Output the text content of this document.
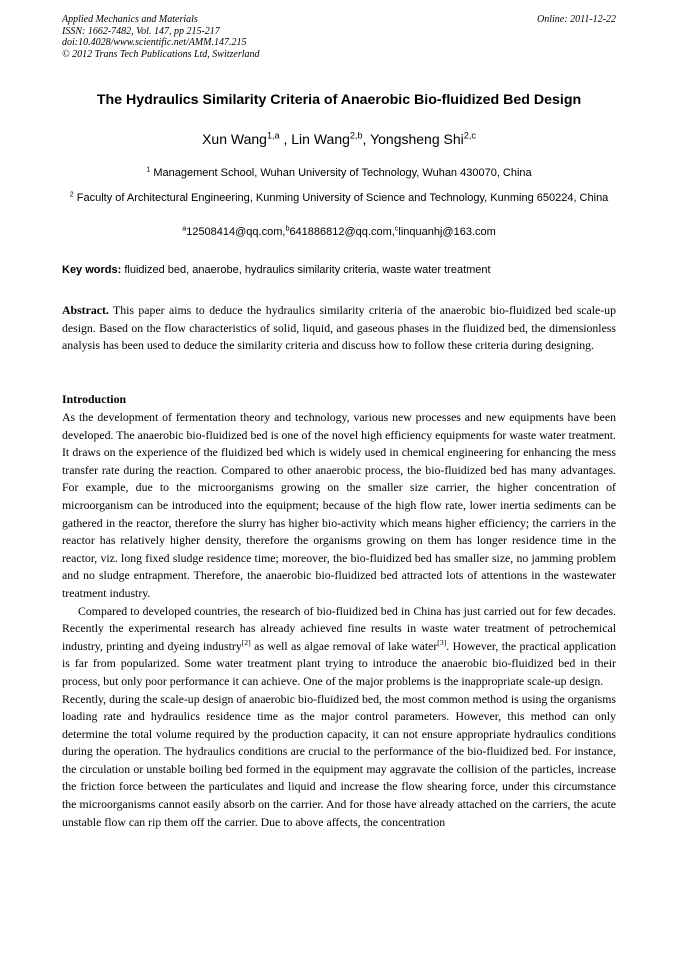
Applied Mechanics and Materials
ISSN: 1662-7482, Vol. 147, pp 215-217
doi:10.4028/www.scientific.net/AMM.147.215
© 2012 Trans Tech Publications Ltd, Switzerland
Online: 2011-12-22
The Hydraulics Similarity Criteria of Anaerobic Bio-fluidized Bed Design
Xun Wang$^{1,a}$ , Lin Wang$^{2,b}$, Yongsheng Shi$^{2,c}$
$^1$ Management School, Wuhan University of Technology, Wuhan 430070, China
$^2$ Faculty of Architectural Engineering, Kunming University of Science and Technology, Kunming 650224, China
$^a$12508414@qq.com,$^b$641886812@qq.com,$^c$linquanhj@163.com
Key words: fluidized bed, anaerobe, hydraulics similarity criteria, waste water treatment
Abstract. This paper aims to deduce the hydraulics similarity criteria of the anaerobic bio-fluidized bed scale-up design. Based on the flow characteristics of solid, liquid, and gaseous phases in the fluidized bed, the dimensionless analysis has been used to deduce the similarity criteria and discuss how to follow these criteria during designing.
Introduction

As the development of fermentation theory and technology, various new processes and new equipments have been developed. The anaerobic bio-fluidized bed is one of the novel high efficiency equipments for waste water treatment. It draws on the experience of the fluidized bed which is widely used in chemical engineering for enhancing the mess transfer rate during the reaction. Compared to other anaerobic process, the bio-fluidized bed has many advantages. For example, due to the microorganisms growing on the smaller size carrier, the higher concentration of microorganism can be introduced into the equipment; because of the high flow rate, lower inertia sediments can be gathered in the reactor, therefore the slurry has higher bio-activity which means higher efficiency; the carriers in the reactor has relatively higher density, therefore the organisms growing on them has longer residence time in the reactor, viz. long fixed sludge residence time; moreover, the bio-fluidized bed has smaller size, no jamming problem and no sludge entrapment. Therefore, the anaerobic bio-fluidized bed attracted lots of attentions in the wastewater treatment industry.

Compared to developed countries, the research of bio-fluidized bed in China has just carried out for few decades. Recently the experimental research has already achieved fine results in waste water treatment of petrochemical industry, printing and dyeing industry[2] as well as algae removal of lake water[3]. However, the practical application is far from popularized. Some water treatment plant trying to introduce the anaerobic bio-fluidized bed in their process, but only poor performance it can achieve. One of the major problems is the inappropriate scale-up design.

Recently, during the scale-up design of anaerobic bio-fluidized bed, the most common method is using the organisms loading rate and hydraulics residence time as the major control parameters. However, this method can only determine the total volume required by the production capacity, it can not ensure appropriate hydraulics conditions during the operation. The hydraulics conditions are crucial to the performance of the bio-fluidized bed. For instance, the circulation or unstable boiling bed formed in the equipment may aggravate the collision of the particles, increase the friction force between the particulates and liquid and increase the flow shearing force, under this circumstance the microorganisms cannot easily absorb on the carrier. And for those have already attached on the carriers, the acute unstable flow can rip them off the carrier. Due to above affects, the concentration
